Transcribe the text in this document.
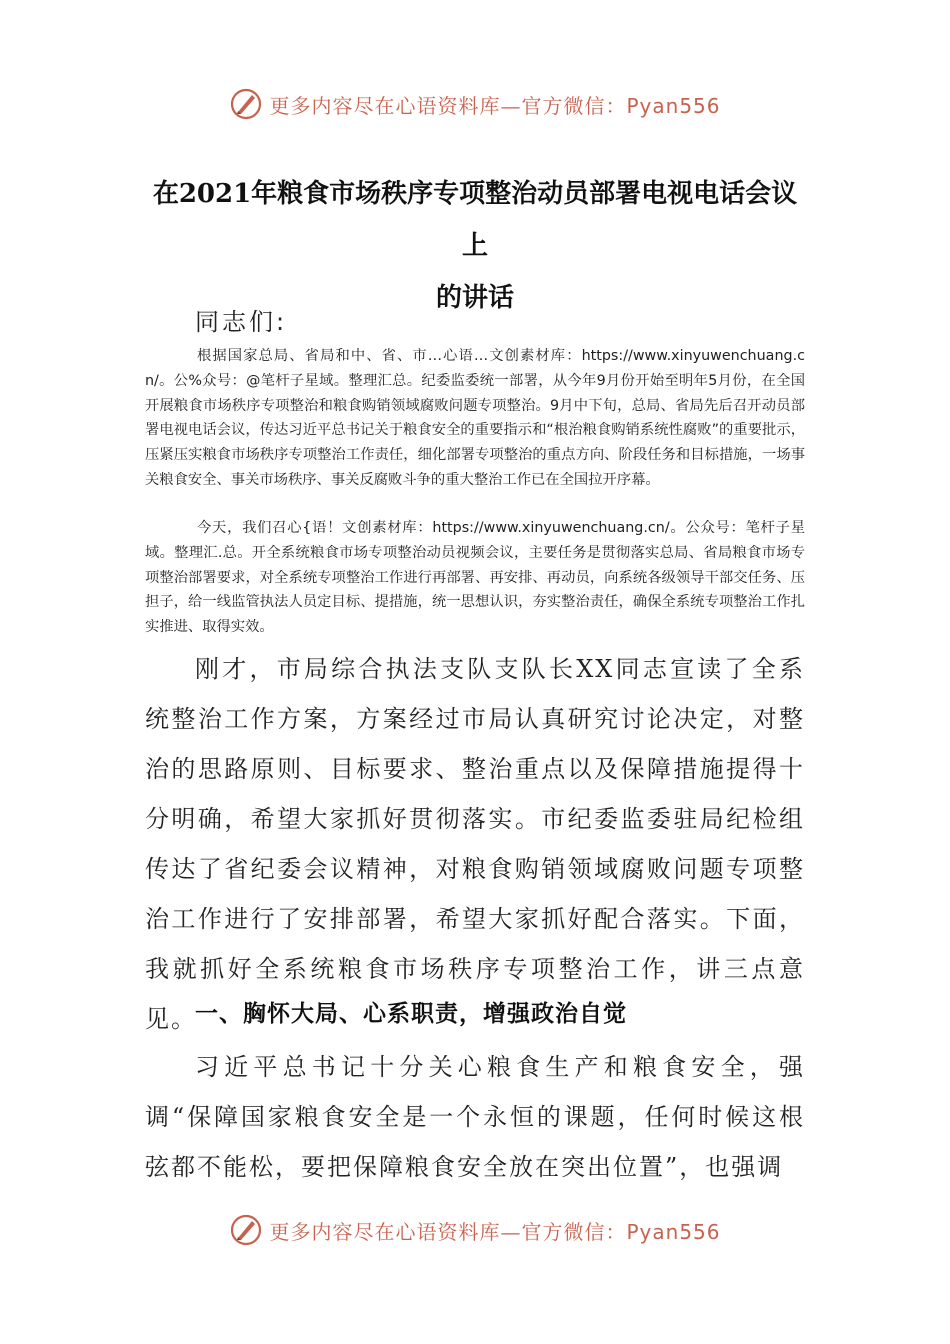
更多内容尽在心语资料库—官方微信：Pyan556
在2021年粮食市场秩序专项整治动员部署电视电话会议上
的讲话

同志们:

根据国家总局、省局和中、省、市…心语…文创素材库：https://www.xinyuwenchuang.cn/。公%众号：@笔杆子星域。整理汇总。纪委监委统一部署，从今年9月份开始至明年5月份，在全国开展粮食市场秩序专项整治和粮食购销领域腐败问题专项整治。9月中下旬，总局、省局先后召开动员部署电视电话会议，传达习近平总书记关于粮食安全的重要指示和“根治粮食购销系统性腐败”的重要批示，压紧压实粮食市场秩序专项整治工作责任，细化部署专项整治的重点方向、阶段任务和目标措施，一场事关粮食安全、事关市场秩序、事关反腐败斗争的重大整治工作已在全国拉开序幕。

今天，我们召心{语！文创素材库：https://www.xinyuwenchuang.cn/。公众号：笔杆子星域。整理汇.总。开全系统粮食市场专项整治动员视频会议，主要任务是贯彻落实总局、省局粮食市场专项整治部署要求，对全系统专项整治工作进行再部署、再安排、再动员，向系统各级领导干部交任务、压担子，给一线监管执法人员定目标、提措施，统一思想认识，夯实整治责任，确保全系统专项整治工作扎实推进、取得实效。

刚才，市局综合执法支队支队长XX同志宣读了全系统整治工作方案，方案经过市局认真研究讨论决定，对整治的思路原则、目标要求、整治重点以及保障措施提得十分明确，希望大家抓好贯彻落实。市纪委监委驻局纪检组传达了省纪委会议精神，对粮食购销领域腐败问题专项整治工作进行了安排部署，希望大家抓好配合落实。下面，我就抓好全系统粮食市场秩序专项整治工作，讲三点意见。

一、胸怀大局、心系职责，增强政治自觉

习近平总书记十分关心粮食生产和粮食安全，强调“保障国家粮食安全是一个永恒的课题，任何时候这根弦都不能松，要把保障粮食安全放在突出位置”，也强调

更多内容尽在心语资料库—官方微信：Pyan556
